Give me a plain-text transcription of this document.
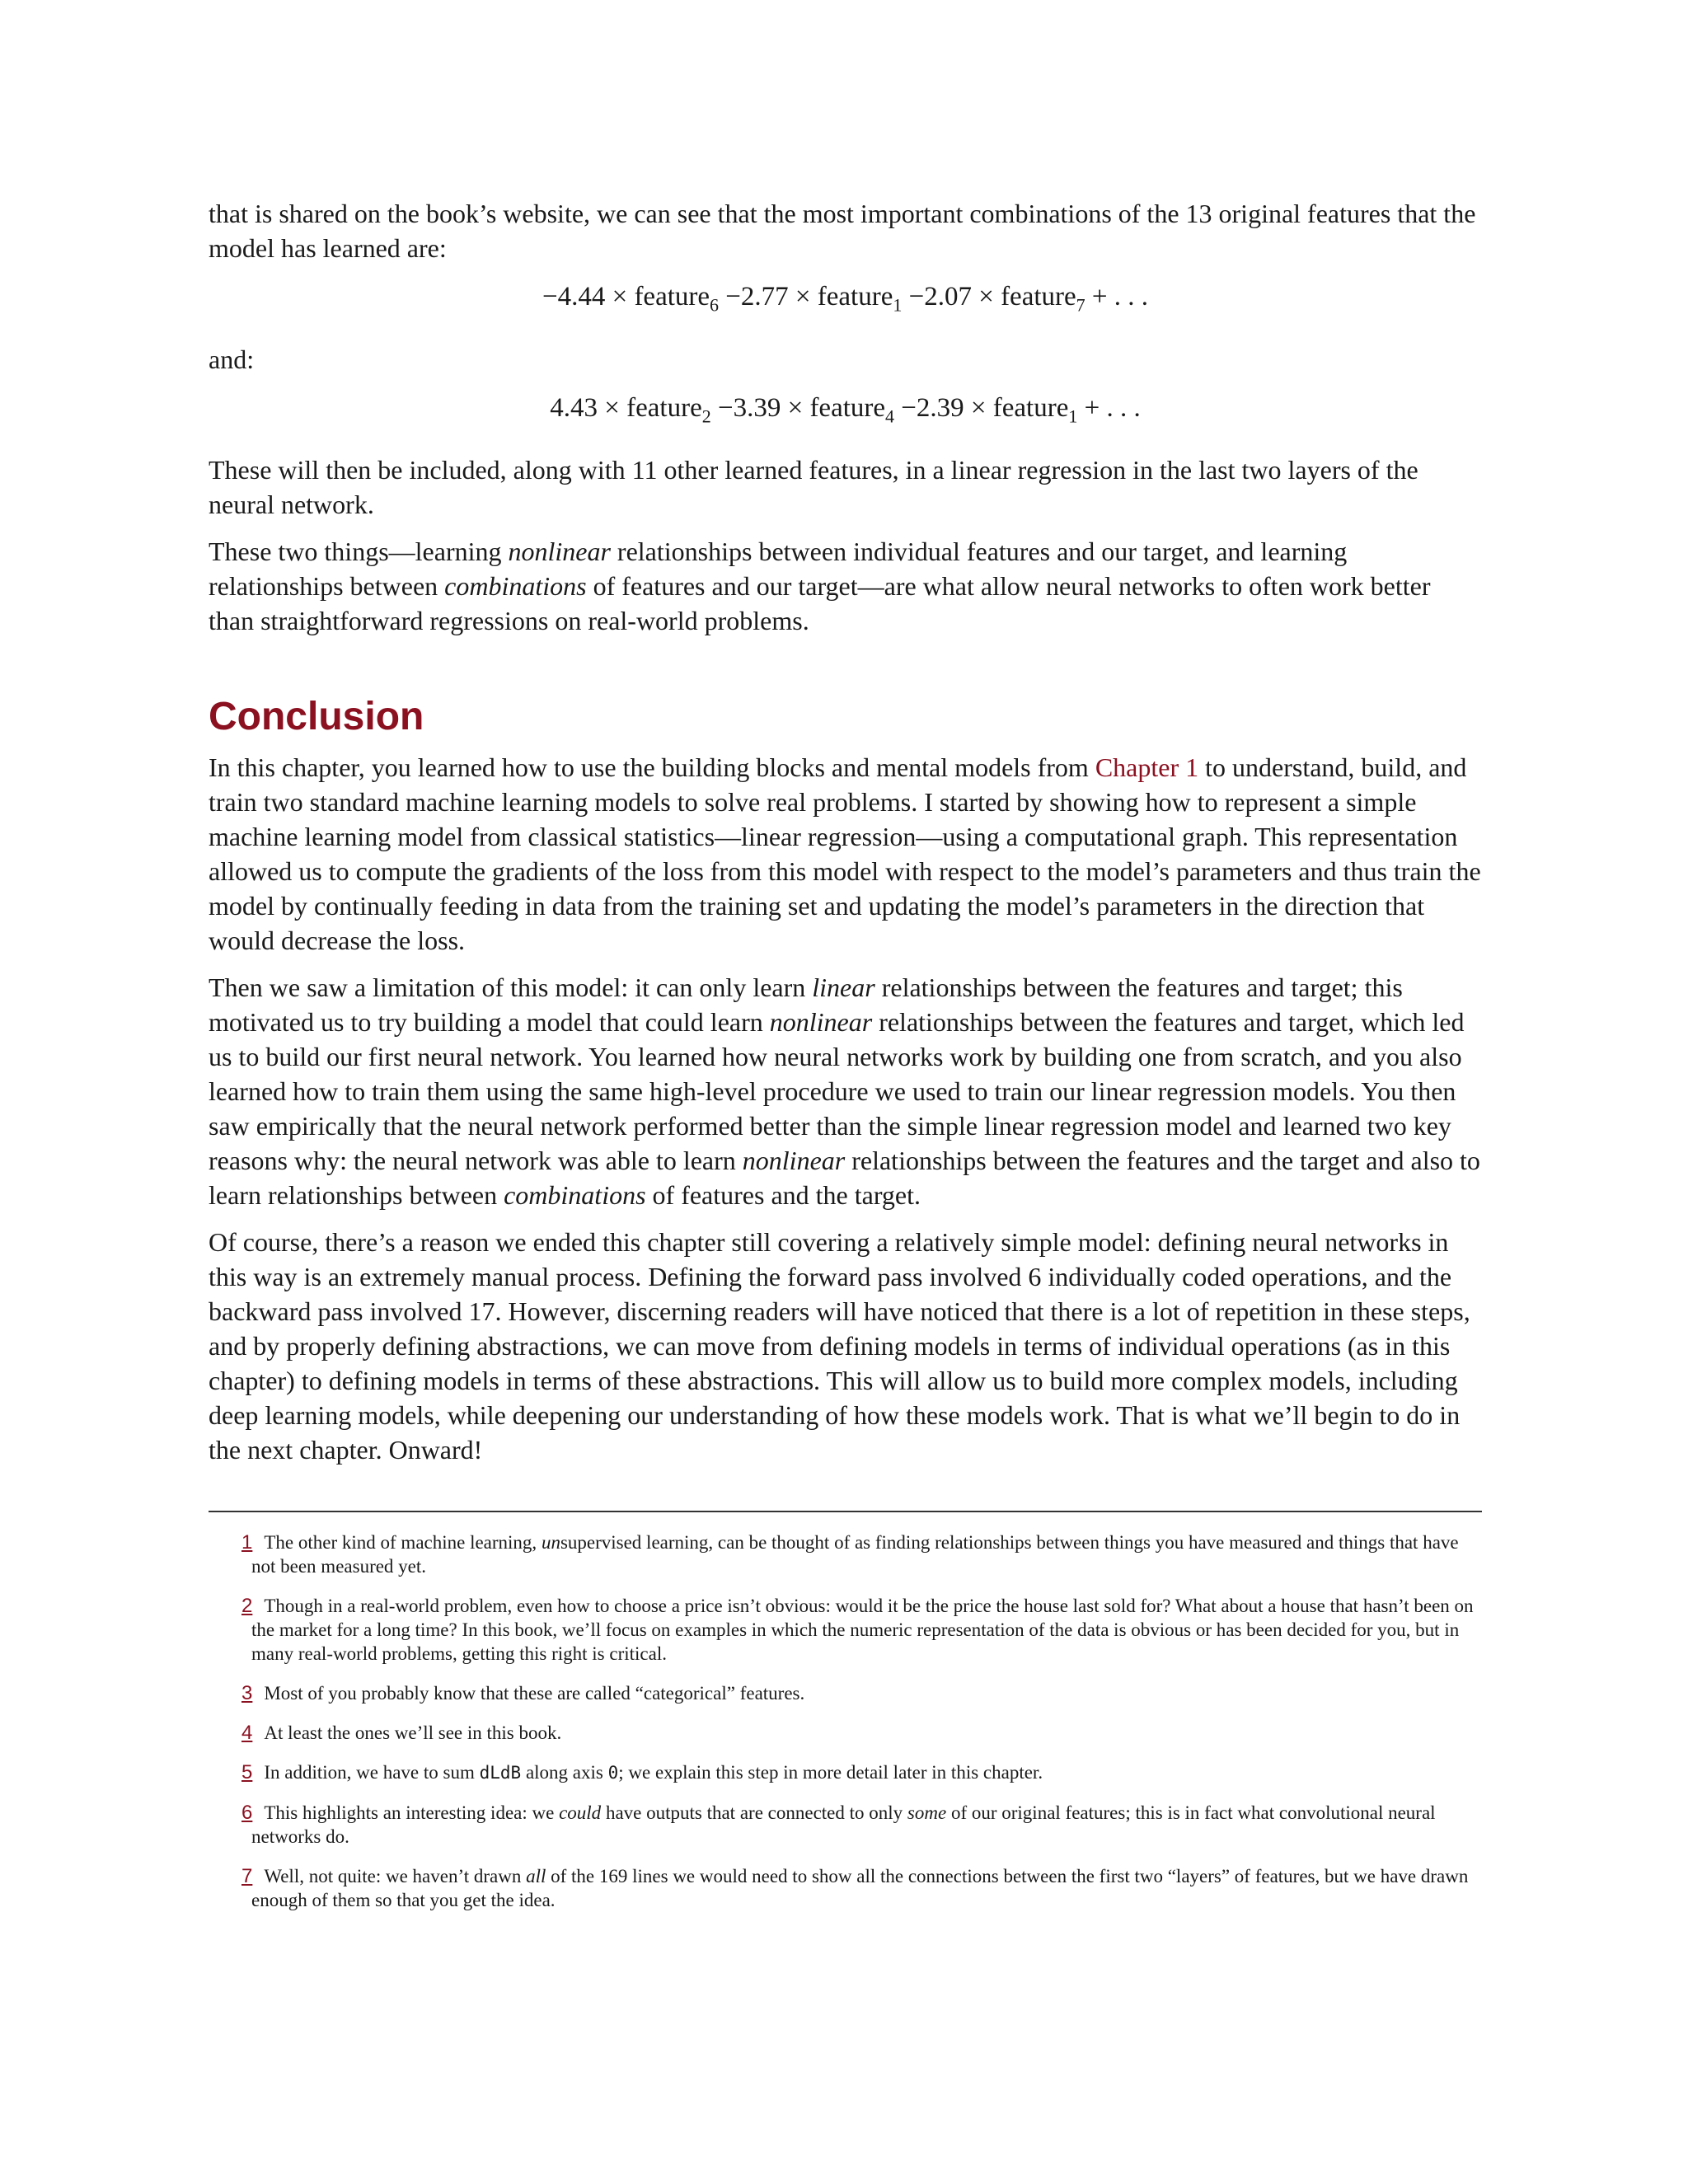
that is shared on the book’s website, we can see that the most important combinations of the 13 original features that the model has learned are:

−4.44 × feature$_6$ −2.77 × feature$_1$ −2.07 × feature$_7$ + . . .

and:

4.43 × feature$_2$ −3.39 × feature$_4$ −2.39 × feature$_1$ + . . .

These will then be included, along with 11 other learned features, in a linear regression in the last two layers of the neural network.

These two things—learning nonlinear relationships between individual features and our target, and learning relationships between combinations of features and our target—are what allow neural networks to often work better than straightforward regressions on real-world problems.

Conclusion

In this chapter, you learned how to use the building blocks and mental models from Chapter 1 to understand, build, and train two standard machine learning models to solve real problems. I started by showing how to represent a simple machine learning model from classical statistics—linear regression—using a computational graph. This representation allowed us to compute the gradients of the loss from this model with respect to the model’s parameters and thus train the model by continually feeding in data from the training set and updating the model’s parameters in the direction that would decrease the loss.

Then we saw a limitation of this model: it can only learn linear relationships between the features and target; this motivated us to try building a model that could learn nonlinear relationships between the features and target, which led us to build our first neural network. You learned how neural networks work by building one from scratch, and you also learned how to train them using the same high-level procedure we used to train our linear regression models. You then saw empirically that the neural network performed better than the simple linear regression model and learned two key reasons why: the neural network was able to learn nonlinear relationships between the features and the target and also to learn relationships between combinations of features and the target.

Of course, there’s a reason we ended this chapter still covering a relatively simple model: defining neural networks in this way is an extremely manual process. Defining the forward pass involved 6 individually coded operations, and the backward pass involved 17. However, discerning readers will have noticed that there is a lot of repetition in these steps, and by properly defining abstractions, we can move from defining models in terms of individual operations (as in this chapter) to defining models in terms of these abstractions. This will allow us to build more complex models, including deep learning models, while deepening our understanding of how these models work. That is what we’ll begin to do in the next chapter. Onward!

1 The other kind of machine learning, unsupervised learning, can be thought of as finding relationships between things you have measured and things that have not been measured yet.
2 Though in a real-world problem, even how to choose a price isn’t obvious: would it be the price the house last sold for? What about a house that hasn’t been on the market for a long time? In this book, we’ll focus on examples in which the numeric representation of the data is obvious or has been decided for you, but in many real-world problems, getting this right is critical.
3 Most of you probably know that these are called “categorical” features.
4 At least the ones we’ll see in this book.
5 In addition, we have to sum dLdB along axis 0; we explain this step in more detail later in this chapter.
6 This highlights an interesting idea: we could have outputs that are connected to only some of our original features; this is in fact what convolutional neural networks do.
7 Well, not quite: we haven’t drawn all of the 169 lines we would need to show all the connections between the first two “layers” of features, but we have drawn enough of them so that you get the idea.
